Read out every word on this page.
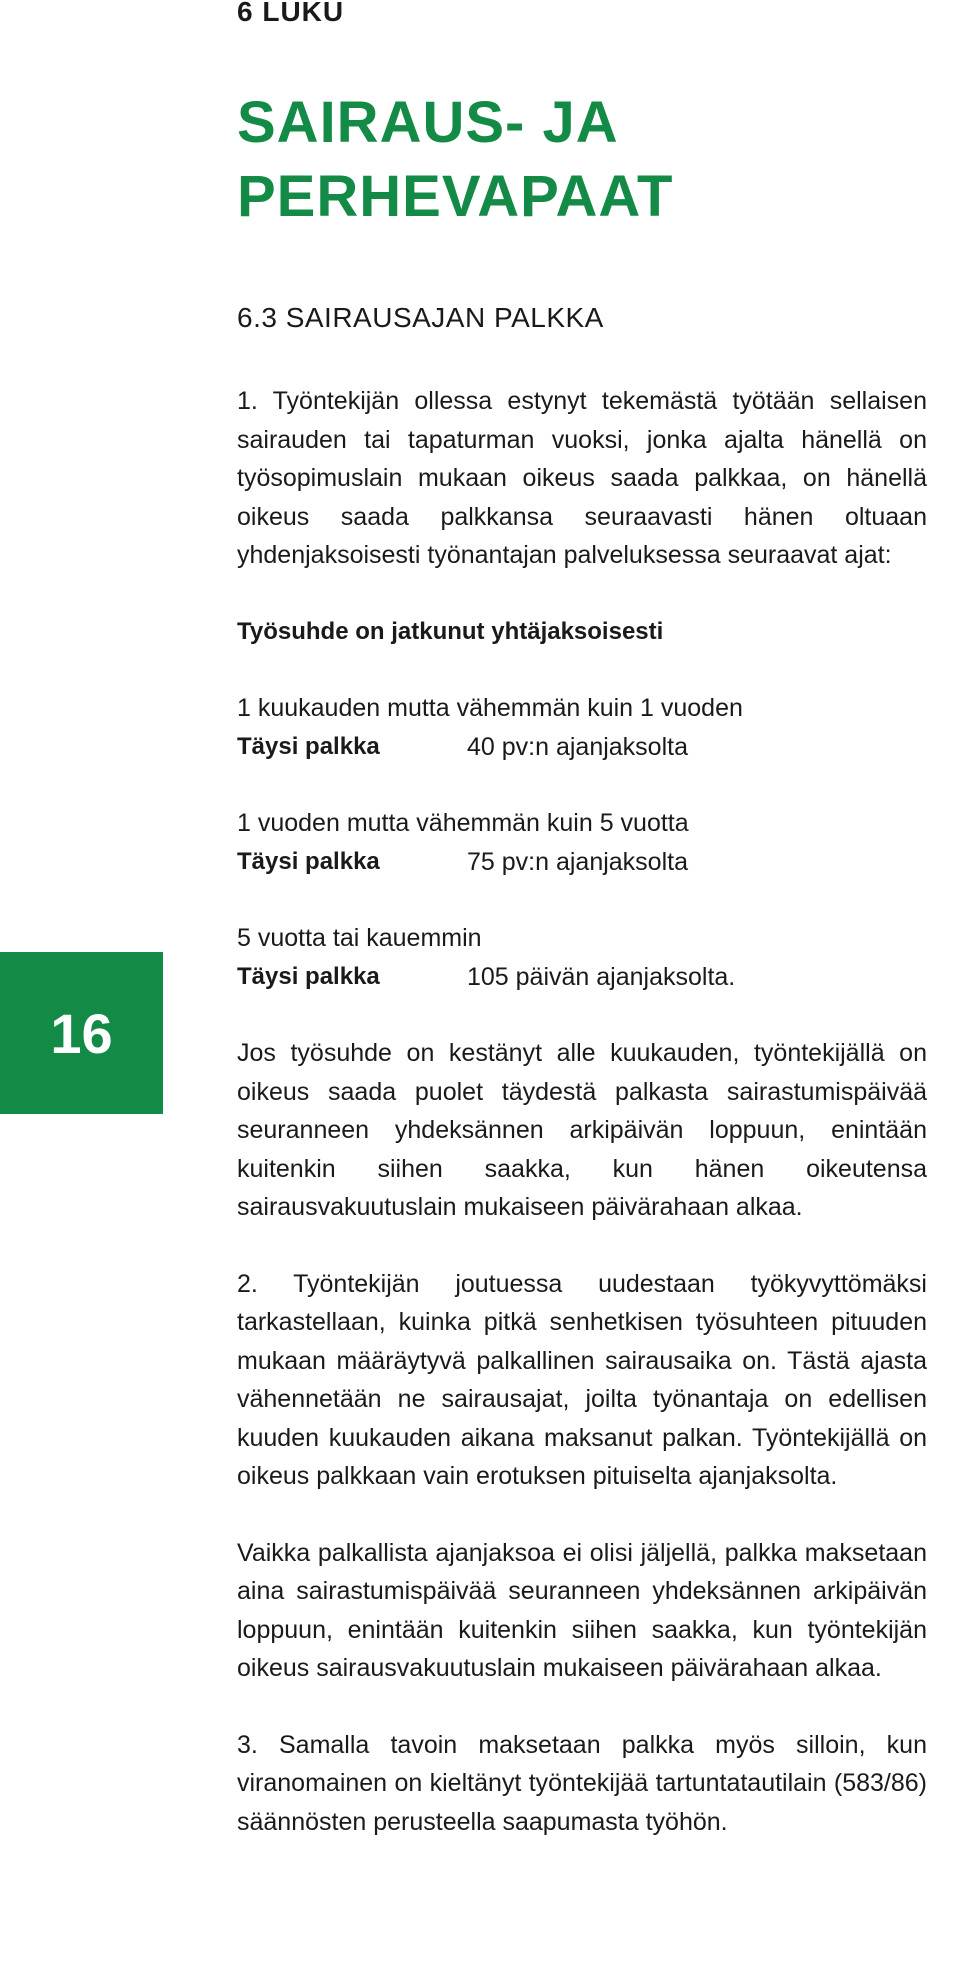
16
6 LUKU
SAIRAUS- JA
PERHEVAPAAT
6.3 SAIRAUSAJAN PALKKA

1. Työntekijän ollessa estynyt tekemästä työtään sellaisen sairauden tai tapaturman vuoksi, jonka ajalta hänellä on työsopimuslain mukaan oikeus saada palkkaa, on hänellä oikeus saada palkkansa seuraavasti hänen oltuaan yhdenjaksoisesti työnantajan palveluksessa seuraavat ajat:

Työsuhde on jatkunut yhtäjaksoisesti

1 kuukauden mutta vähemmän kuin 1 vuoden
Täysi palkka	40 pv:n ajanjaksolta
1 vuoden mutta vähemmän kuin 5 vuotta
Täysi palkka	75 pv:n ajanjaksolta
5 vuotta tai kauemmin
Täysi palkka	105 päivän ajanjaksolta.

Jos työsuhde on kestänyt alle kuukauden, työntekijällä on oikeus saada puolet täydestä palkasta sairastumispäivää seuranneen yhdeksännen arkipäivän loppuun, enintään kuitenkin siihen saakka, kun hänen oikeutensa sairausvakuutuslain mukaiseen päivärahaan alkaa.

2. Työntekijän joutuessa uudestaan työkyvyttömäksi tarkastellaan, kuinka pitkä senhetkisen työsuhteen pituuden mukaan määräytyvä palkallinen sairausaika on. Tästä ajasta vähennetään ne sairausajat, joilta työnantaja on edellisen kuuden kuukauden aikana maksanut palkan. Työntekijällä on oikeus palkkaan vain erotuksen pituiselta ajanjaksolta.

Vaikka palkallista ajanjaksoa ei olisi jäljellä, palkka maksetaan aina sairastumispäivää seuranneen yhdeksännen arkipäivän loppuun, enintään kuitenkin siihen saakka, kun työntekijän oikeus sairausvakuutuslain mukaiseen päivärahaan alkaa.

3. Samalla tavoin maksetaan palkka myös silloin, kun viranomainen on kieltänyt työntekijää tartuntatautilain (583/86) säännösten perusteella saapumasta työhön.
